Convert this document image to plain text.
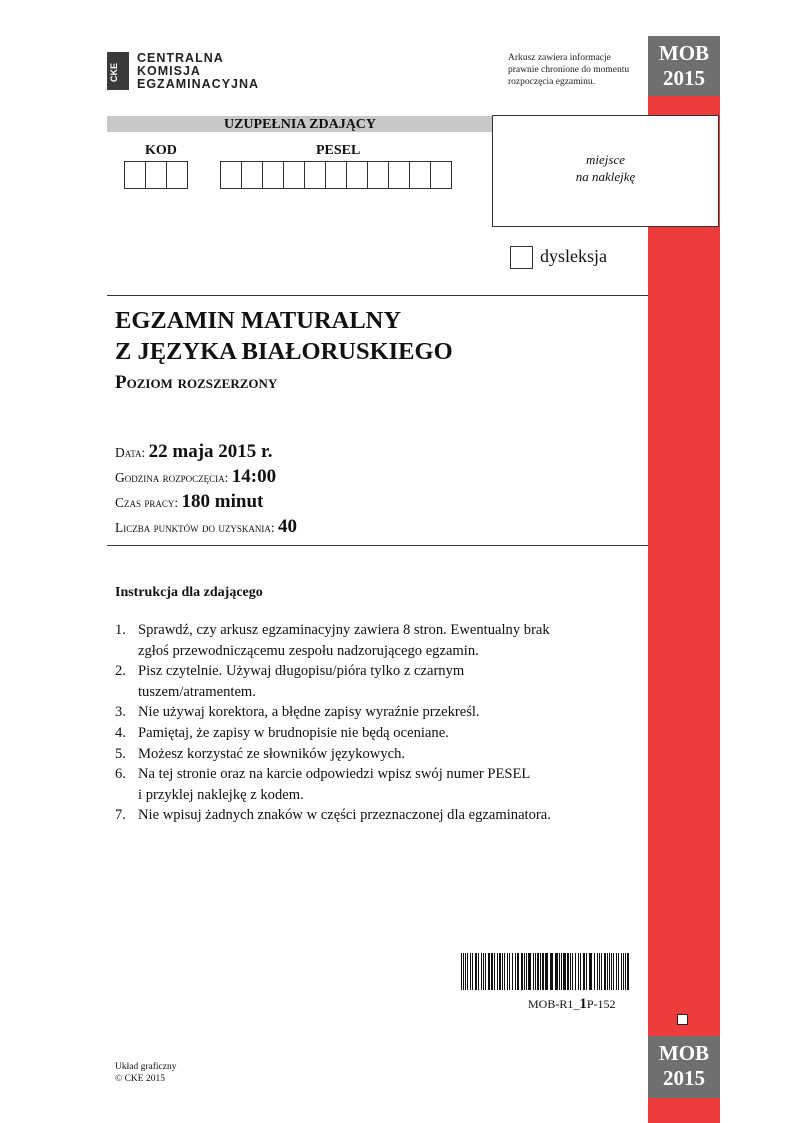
MOB
2015
MOB
2015
CKE
CENTRALNA
KOMISJA
EGZAMINACYJNA
Arkusz zawiera informacje
prawnie chronione do momentu
rozpoczęcia egzaminu.
UZUPEŁNIA ZDAJĄCY
KOD	PESEL
miejsce
na naklejkę
dysleksja
EGZAMIN MATURALNY
Z JĘZYKA BIAŁORUSKIEGO
Poziom rozszerzony
Data: 22 maja 2015 r.
Godzina rozpoczęcia: 14:00
Czas pracy: 180 minut
Liczba punktów do uzyskania: 40
Instrukcja dla zdającego
1. Sprawdź, czy arkusz egzaminacyjny zawiera 8 stron. Ewentualny brak
zgłoś przewodniczącemu zespołu nadzorującego egzamin.
2. Pisz czytelnie. Używaj długopisu/pióra tylko z czarnym
tuszem/atramentem.
3. Nie używaj korektora, a błędne zapisy wyraźnie przekreśl.
4. Pamiętaj, że zapisy w brudnopisie nie będą oceniane.
5. Możesz korzystać ze słowników językowych.
6. Na tej stronie oraz na karcie odpowiedzi wpisz swój numer PESEL
i przyklej naklejkę z kodem.
7. Nie wpisuj żadnych znaków w części przeznaczonej dla egzaminatora.
MOB-R1_1P-152
Układ graficzny
© CKE 2015
